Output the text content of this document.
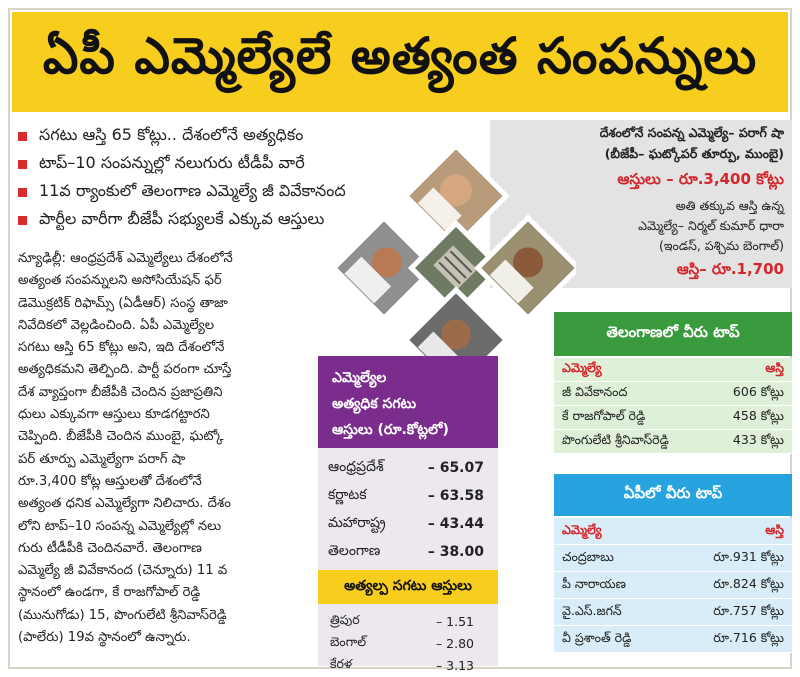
ఏపీ ఎమ్మెల్యేలే అత్యంత సంపన్నులు
సగటు ఆస్తి 65 కోట్లు.. దేశంలోనే అత్యధికం
టాప్‌–10 సంపన్నుల్లో నలుగురు టీడీపీ వారే
11వ ర్యాంకులో తెలంగాణ ఎమ్మెల్యే జీ వివేకానంద
పార్టీల వారీగా బీజేపీ సభ్యులకే ఎక్కువ ఆస్తులు

న్యూఢిల్లీ: ఆంధ్రప్రదేశ్‌ ఎమ్మెల్యేలు దేశంలోనే

అత్యంత సంపన్నులని అసోసియేషన్‌ ఫర్‌

డెమొక్రటిక్‌ రిఫామ్స్‌ (ఏడీఆర్‌) సంస్థ తాజా

నివేదికలో వెల్లడించింది. ఏపీ ఎమ్మెల్యేల

సగటు ఆస్తి 65 కోట్లు అని, ఇది దేశంలోనే

అత్యధికమని తెల్పింది. పార్టీ పరంగా చూస్తే

దేశ వ్యాప్తంగా బీజేపీకి చెందిన ప్రజాప్రతిని

ధులు ఎక్కువగా ఆస్తులు కూడగట్టారని

చెప్పింది. బీజేపీకి చెందిన ముంబై, ఘట్కో

పర్‌ తూర్పు ఎమ్మెల్యేగా పరాగ్‌ షా

రూ.3,400 కోట్ల ఆస్తులతో దేశంలోనే

అత్యంత ధనిక ఎమ్మెల్యేగా నిలిచారు. దేశం

లోని టాప్‌–10 సంపన్న ఎమ్మెల్యేల్లో నలు

గురు టీడీపీకి చెందినవారే. తెలంగాణ

ఎమ్మెల్యే జీ వివేకానంద (చెన్నూరు) 11 వ

స్థానంలో ఉండగా, కే రాజగోపాల్‌ రెడ్డి

(మునుగోడు) 15, పొంగులేటి శ్రీనివాస్‌రెడ్డి

(పాలేరు) 19వ స్థానంలో ఉన్నారు.

దేశంలోనే సంపన్న ఎమ్మెల్యే– పరాగ్‌ షా
(బీజేపీ– ఘట్కోపర్‌ తూర్పు, ముంబై)
ఆస్తులు – రూ.3,400 కోట్లు
అతి తక్కువ ఆస్తి ఉన్న
ఎమ్మెల్యే– నిర్మల్‌ కుమార్‌ ధారా
(ఇండస్, పశ్చిమ బెంగాల్‌)
ఆస్తి– రూ.1,700
ఎమ్మెల్యేల
అత్యధిక సగటు
ఆస్తులు (రూ.కోట్లలో)
ఆంధ్రప్రదేశ్‌	– 65.07
కర్ణాటక	– 63.58
మహారాష్ట్ర	– 43.44
తెలంగాణ	– 38.00
అత్యల్ప సగటు ఆస్తులు
త్రిపుర	– 1.51
బెంగాల్‌	– 2.80
కేరళ	– 3.13
తెలంగాణలో వీరు టాప్‌
ఎమ్మెల్యే	ఆస్తి
జీ వివేకానంద	606 కోట్లు
కే రాజగోపాల్‌ రెడ్డి	458 కోట్లు
పొంగులేటి శ్రీనివాస్‌రెడ్డి	433 కోట్లు
ఏపీలో వీరు టాప్‌
ఎమ్మెల్యే	ఆస్తి
చంద్రబాబు	రూ.931 కోట్లు
పీ నారాయణ	రూ.824 కోట్లు
వై.ఎస్‌.జగన్‌	రూ.757 కోట్లు
వీ ప్రశాంత్‌ రెడ్డి	రూ.716 కోట్లు
